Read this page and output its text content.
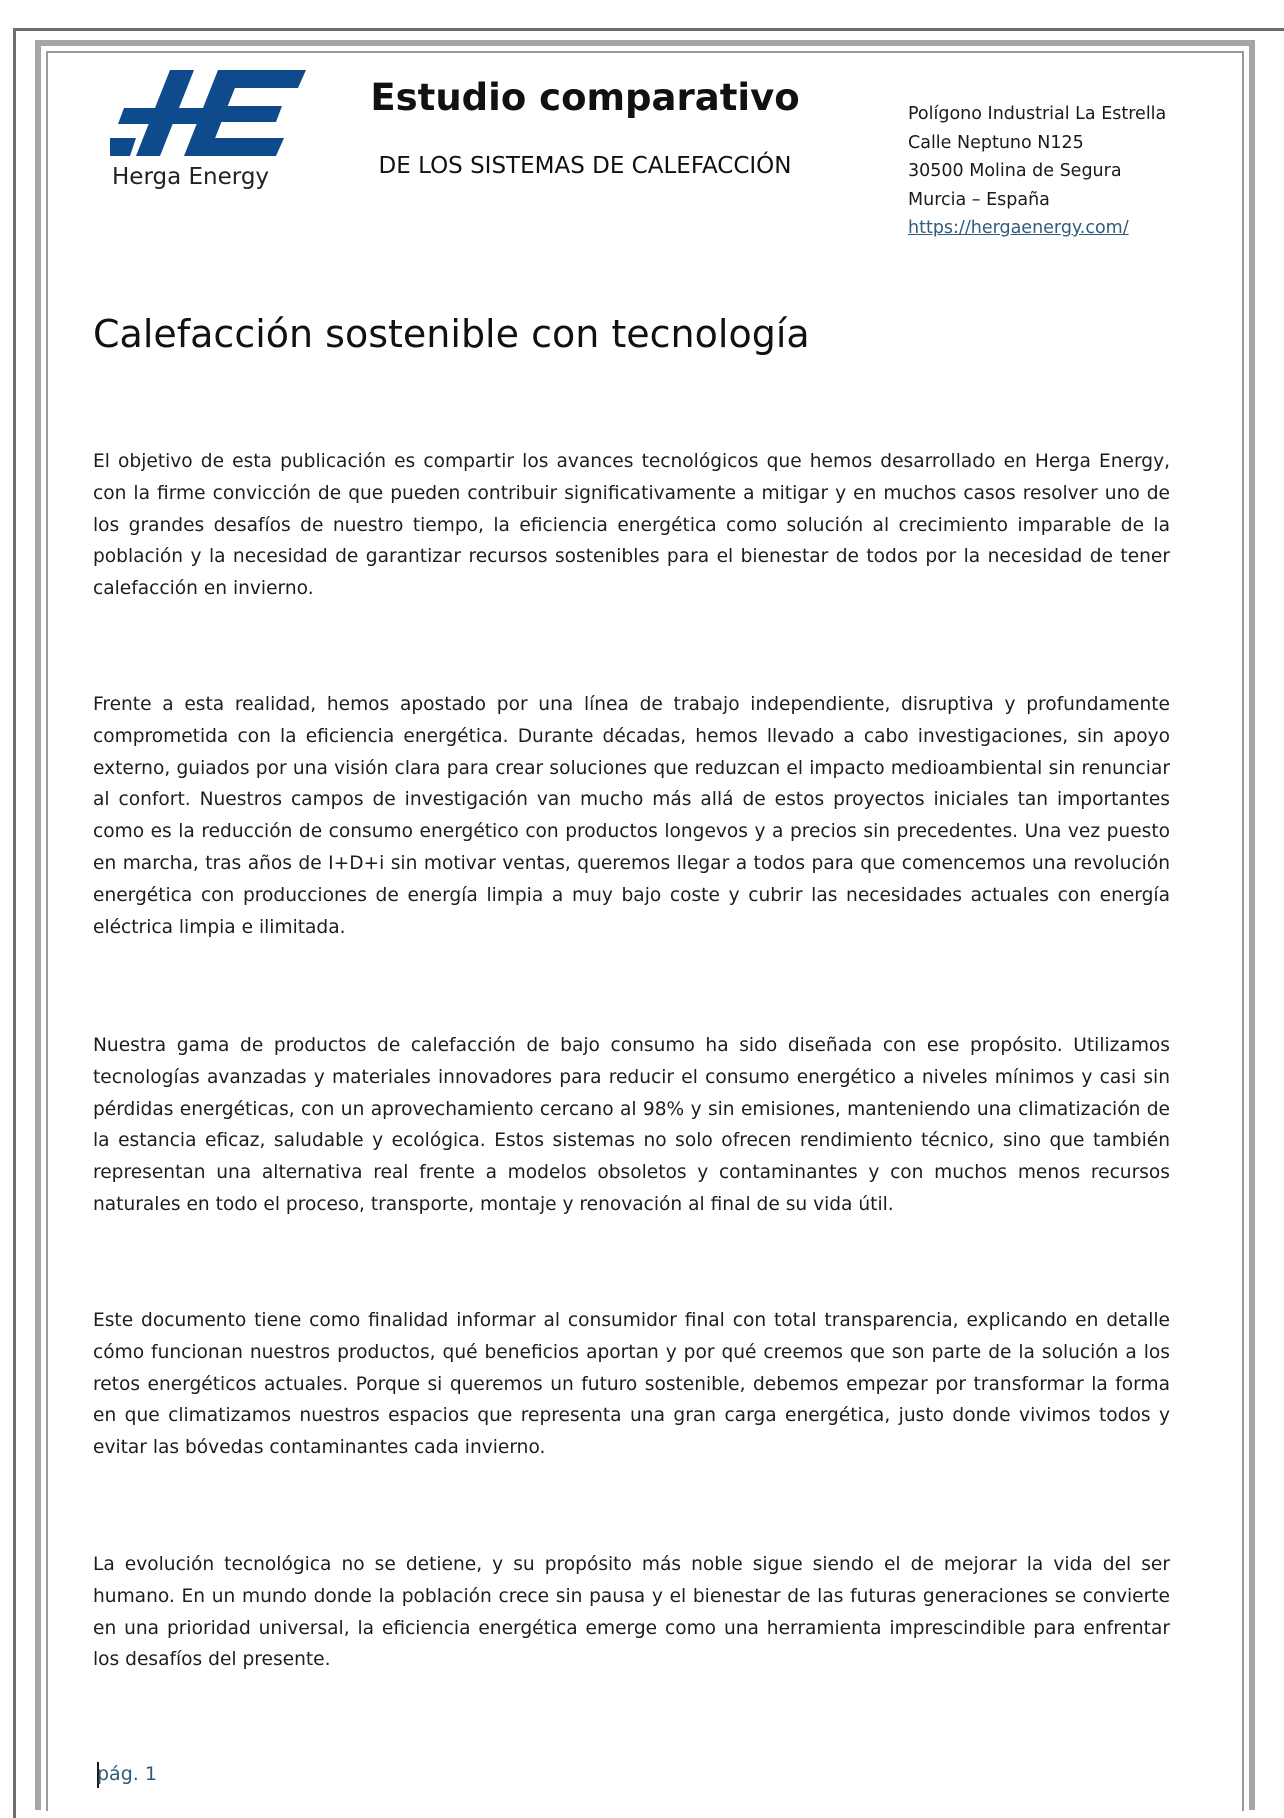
Herga Energy
Estudio comparativo
DE LOS SISTEMAS DE CALEFACCIÓN
Polígono Industrial La Estrella
Calle Neptuno N125
30500 Molina de Segura
Murcia – España
https://hergaenergy.com/
Calefacción sostenible con tecnología

El objetivo de esta publicación es compartir los avances tecnológicos que hemos desarrollado en Herga Energy, con la firme convicción de que pueden contribuir significativamente a mitigar y en muchos casos resolver uno de los grandes desafíos de nuestro tiempo, la eficiencia energética como solución al crecimiento imparable de la población y la necesidad de garantizar recursos sostenibles para el bienestar de todos por la necesidad de tener calefacción en invierno.

Frente a esta realidad, hemos apostado por una línea de trabajo independiente, disruptiva y profundamente comprometida con la eficiencia energética. Durante décadas, hemos llevado a cabo investigaciones, sin apoyo externo, guiados por una visión clara para crear soluciones que reduzcan el impacto medioambiental sin renunciar al confort. Nuestros campos de investigación van mucho más allá de estos proyectos iniciales tan importantes como es la reducción de consumo energético con productos longevos y a precios sin precedentes. Una vez puesto en marcha, tras años de I+D+i sin motivar ventas, queremos llegar a todos para que comencemos una revolución energética con producciones de energía limpia a muy bajo coste y cubrir las necesidades actuales con energía eléctrica limpia e ilimitada.

Nuestra gama de productos de calefacción de bajo consumo ha sido diseñada con ese propósito. Utilizamos tecnologías avanzadas y materiales innovadores para reducir el consumo energético a niveles mínimos y casi sin pérdidas energéticas, con un aprovechamiento cercano al 98% y sin emisiones, manteniendo una climatización de la estancia eficaz, saludable y ecológica. Estos sistemas no solo ofrecen rendimiento técnico, sino que también representan una alternativa real frente a modelos obsoletos y contaminantes y con muchos menos recursos naturales en todo el proceso, transporte, montaje y renovación al final de su vida útil.

Este documento tiene como finalidad informar al consumidor final con total transparencia, explicando en detalle cómo funcionan nuestros productos, qué beneficios aportan y por qué creemos que son parte de la solución a los retos energéticos actuales. Porque si queremos un futuro sostenible, debemos empezar por transformar la forma en que climatizamos nuestros espacios que representa una gran carga energética, justo donde vivimos todos y evitar las bóvedas contaminantes cada invierno.

La evolución tecnológica no se detiene, y su propósito más noble sigue siendo el de mejorar la vida del ser humano. En un mundo donde la población crece sin pausa y el bienestar de las futuras generaciones se convierte en una prioridad universal, la eficiencia energética emerge como una herramienta imprescindible para enfrentar los desafíos del presente.

pág. 1
